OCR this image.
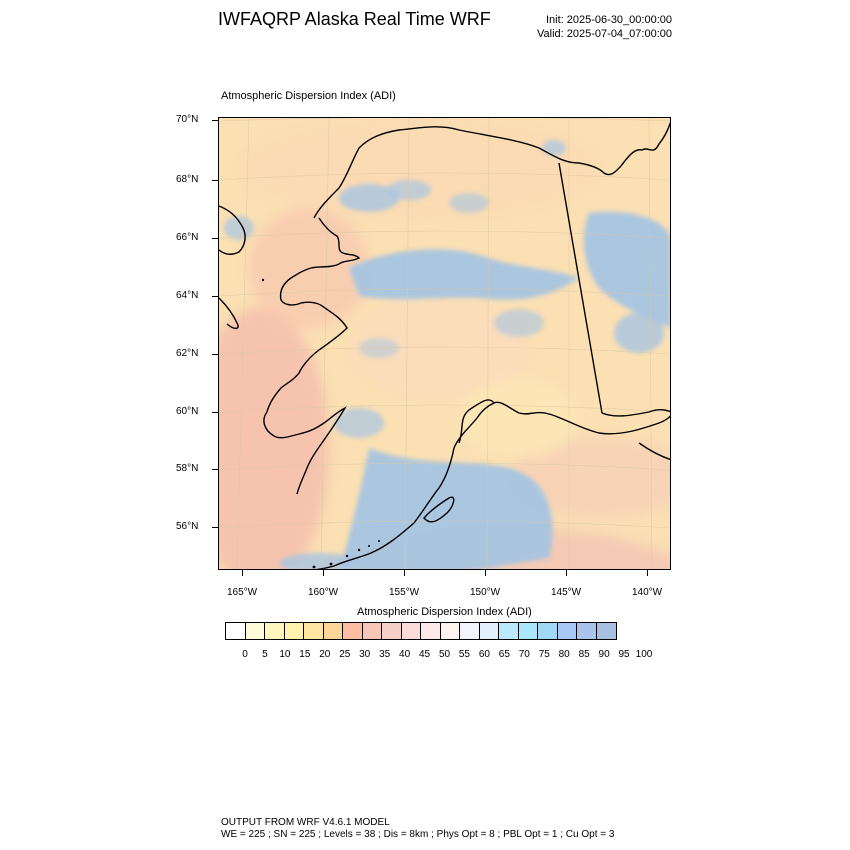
IWFAQRP Alaska Real Time WRF	Init: 2025-06-30_00:00:00
Valid: 2025-07-04_07:00:00
Atmospheric Dispersion Index (ADI)
70°N
68°N
66°N
64°N
62°N
60°N
58°N
56°N
165°W	160°W	155°W	150°W	145°W	140°W
Atmospheric Dispersion Index (ADI)
0 5 10 15 20 25 30 35 40 45 50 55 60 65 70 75 80 85 90 95 100
OUTPUT FROM WRF V4.6.1 MODEL
WE = 225 ; SN = 225 ; Levels = 38 ; Dis = 8km ; Phys Opt = 8 ; PBL Opt = 1 ; Cu Opt = 3
